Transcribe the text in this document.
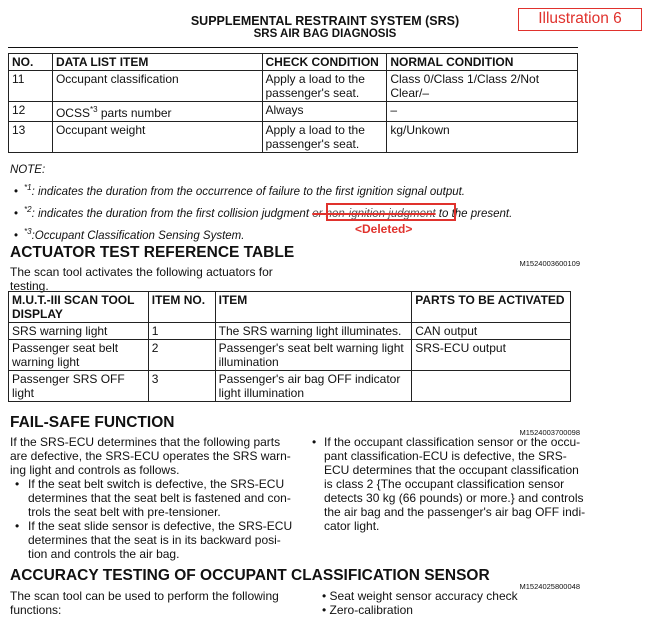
SUPPLEMENTAL RESTRAINT SYSTEM (SRS)
SRS AIR BAG DIAGNOSIS
Illustration 6
NO.	DATA LIST ITEM	CHECK CONDITION	NORMAL CONDITION
11	Occupant classification	Apply a load to the passenger's seat.	Class 0/Class 1/Class 2/Not Clear/–
12	OCSS$^{*3}$ parts number	Always	–
13	Occupant weight	Apply a load to the passenger's seat.	kg/Unkown
NOTE:
• $^{*1}$: indicates the duration from the occurrence of failure to the first ignition signal output.
• $^{*2}$: indicates the duration from the first collision judgment or non-ignition judgment to the present.
<Deleted>
• $^{*3}$:Occupant Classification Sensing System.
ACTUATOR TEST REFERENCE TABLE
M1524003600109
The scan tool activates the following actuators for
testing.
M.U.T.-III SCAN TOOL DISPLAY	ITEM NO.	ITEM	PARTS TO BE ACTIVATED
SRS warning light	1	The SRS warning light illuminates.	CAN output
Passenger seat belt warning light	2	Passenger's seat belt warning light illumination	SRS-ECU output
Passenger SRS OFF light	3	Passenger's air bag OFF indicator light illumination	
FAIL-SAFE FUNCTION
M1524003700098
If the SRS-ECU determines that the following parts
are defective, the SRS-ECU operates the SRS warn-
ing light and controls as follows.
• If the seat belt switch is defective, the SRS-ECU
determines that the seat belt is fastened and con-
trols the seat belt with pre-tensioner.
• If the seat slide sensor is defective, the SRS-ECU
determines that the seat is in its backward posi-
tion and controls the air bag.
• If the occupant classification sensor or the occu-
pant classification-ECU is defective, the SRS-
ECU determines that the occupant classification
is class 2 {The occupant classification sensor
detects 30 kg (66 pounds) or more.} and controls
the air bag and the passenger's air bag OFF indi-
cator light.
ACCURACY TESTING OF OCCUPANT CLASSIFICATION SENSOR
M1524025800048
The scan tool can be used to perform the following
functions:
• Seat weight sensor accuracy check
• Zero-calibration
